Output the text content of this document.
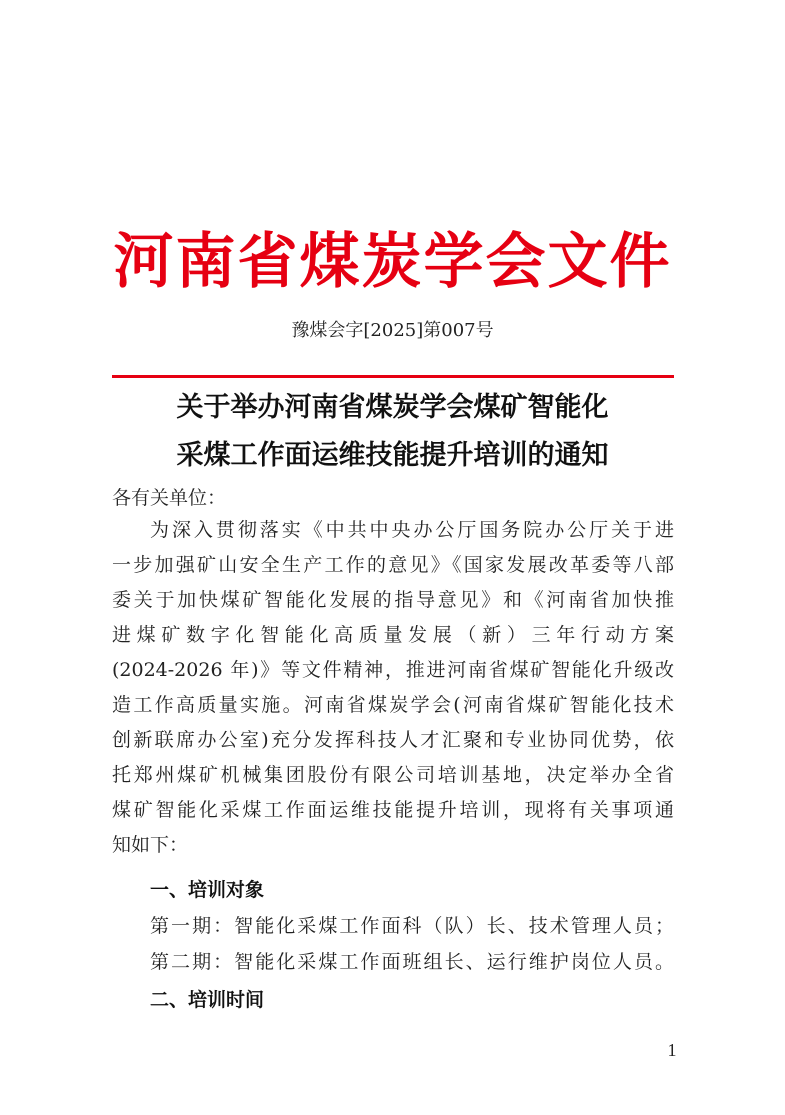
河南省煤炭学会文件
豫煤会字[2025]第007号
关于举办河南省煤炭学会煤矿智能化
采煤工作面运维技能提升培训的通知
各有关单位：
为深入贯彻落实《中共中央办公厅国务院办公厅关于进
一步加强矿山安全生产工作的意见》《国家发展改革委等八部
委关于加快煤矿智能化发展的指导意见》和《河南省加快推
进煤矿数字化智能化高质量发展（新）三年行动方案
(2024-2026 年)》等文件精神，推进河南省煤矿智能化升级改
造工作高质量实施。河南省煤炭学会(河南省煤矿智能化技术
创新联席办公室)充分发挥科技人才汇聚和专业协同优势，依
托郑州煤矿机械集团股份有限公司培训基地，决定举办全省
煤矿智能化采煤工作面运维技能提升培训，现将有关事项通
知如下：
一、培训对象
第一期：智能化采煤工作面科（队）长、技术管理人员；
第二期：智能化采煤工作面班组长、运行维护岗位人员。
二、培训时间
1
